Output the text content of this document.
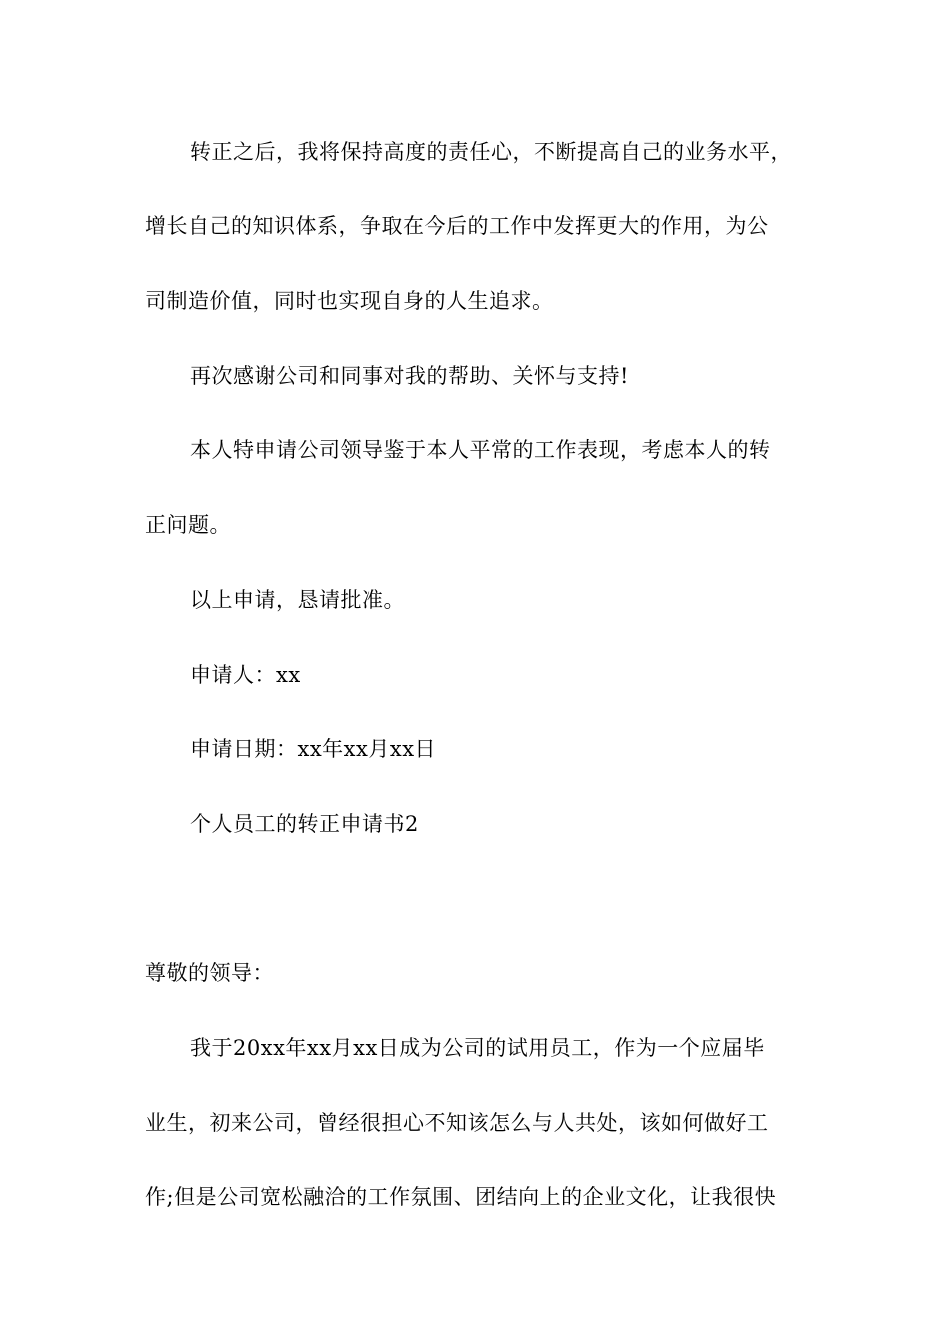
转正之后，我将保持高度的责任心，不断提高自己的业务水平，
增长自己的知识体系，争取在今后的工作中发挥更大的作用，为公
司制造价值，同时也实现自身的人生追求。
再次感谢公司和同事对我的帮助、关怀与支持!
本人特申请公司领导鉴于本人平常的工作表现，考虑本人的转
正问题。
以上申请，恳请批准。
申请人：xx
申请日期：xx年xx月xx日
个人员工的转正申请书2
尊敬的领导：
我于20xx年xx月xx日成为公司的试用员工，作为一个应届毕
业生，初来公司，曾经很担心不知该怎么与人共处，该如何做好工
作;但是公司宽松融洽的工作氛围、团结向上的企业文化，让我很快
